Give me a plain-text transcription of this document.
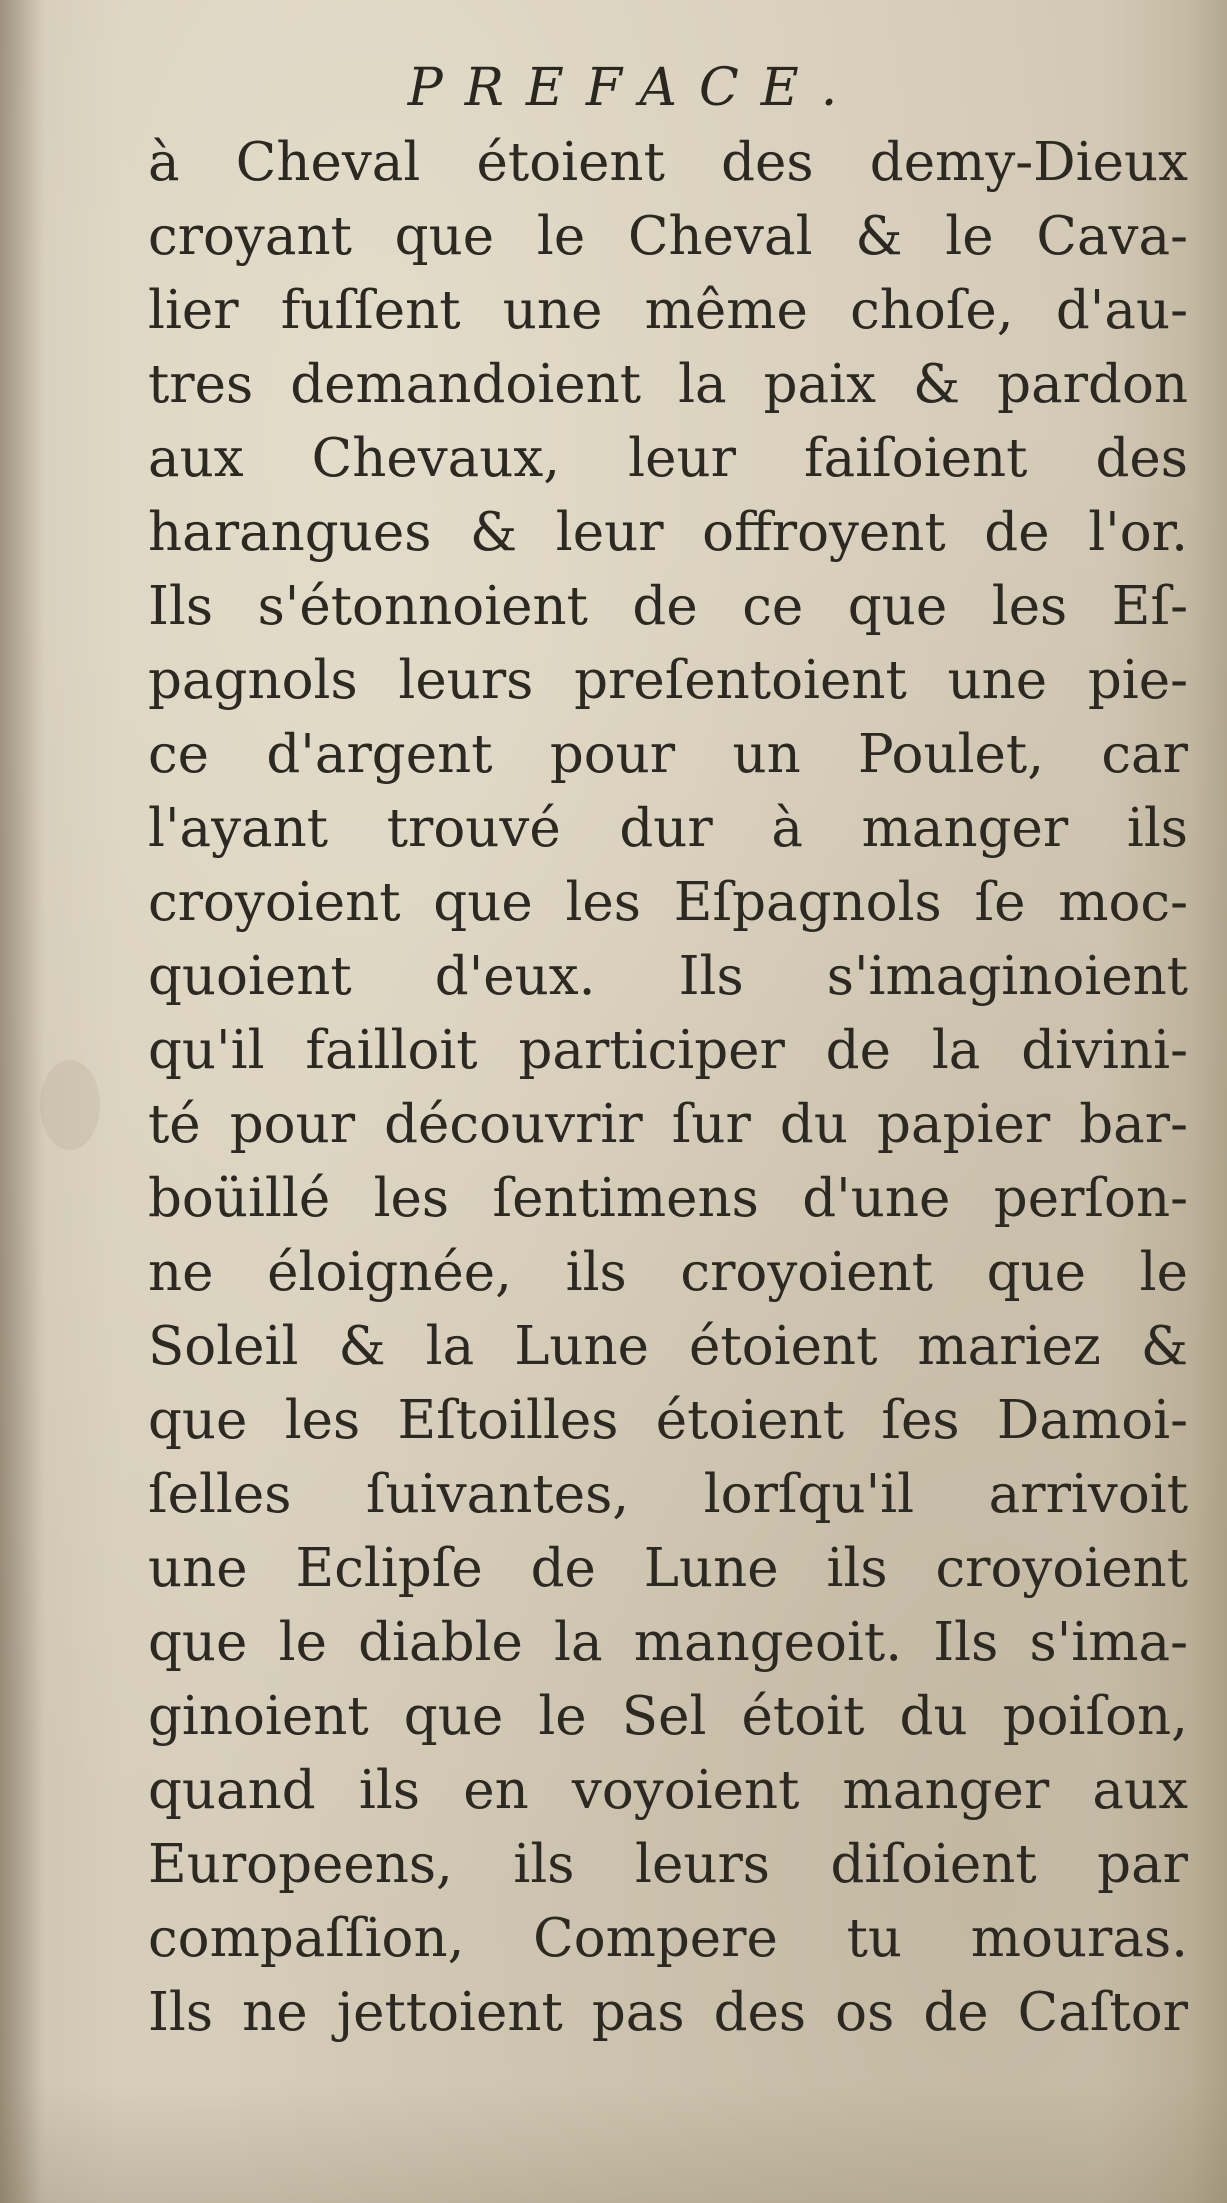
PREFACE.
à Cheval étoient des demy-Dieux
croyant que le Cheval & le Cava-
lier fuſſent une même choſe, d'au-
tres demandoient la paix & pardon
aux Chevaux, leur faiſoient des
harangues & leur offroyent de l'or.
Ils s'étonnoient de ce que les Eſ-
pagnols leurs preſentoient une pie-
ce d'argent pour un Poulet, car
l'ayant trouvé dur à manger ils
croyoient que les Eſpagnols ſe moc-
quoient d'eux. Ils s'imaginoient
qu'il failloit participer de la divini-
té pour découvrir ſur du papier bar-
boüillé les ſentimens d'une perſon-
ne éloignée, ils croyoient que le
Soleil & la Lune étoient mariez &
que les Eſtoilles étoient ſes Damoi-
ſelles ſuivantes, lorſqu'il arrivoit
une Eclipſe de Lune ils croyoient
que le diable la mangeoit. Ils s'ima-
ginoient que le Sel étoit du poiſon,
quand ils en voyoient manger aux
Europeens, ils leurs diſoient par
compaſſion, Compere tu mouras.
Ils ne jettoient pas des os de Caſtor
